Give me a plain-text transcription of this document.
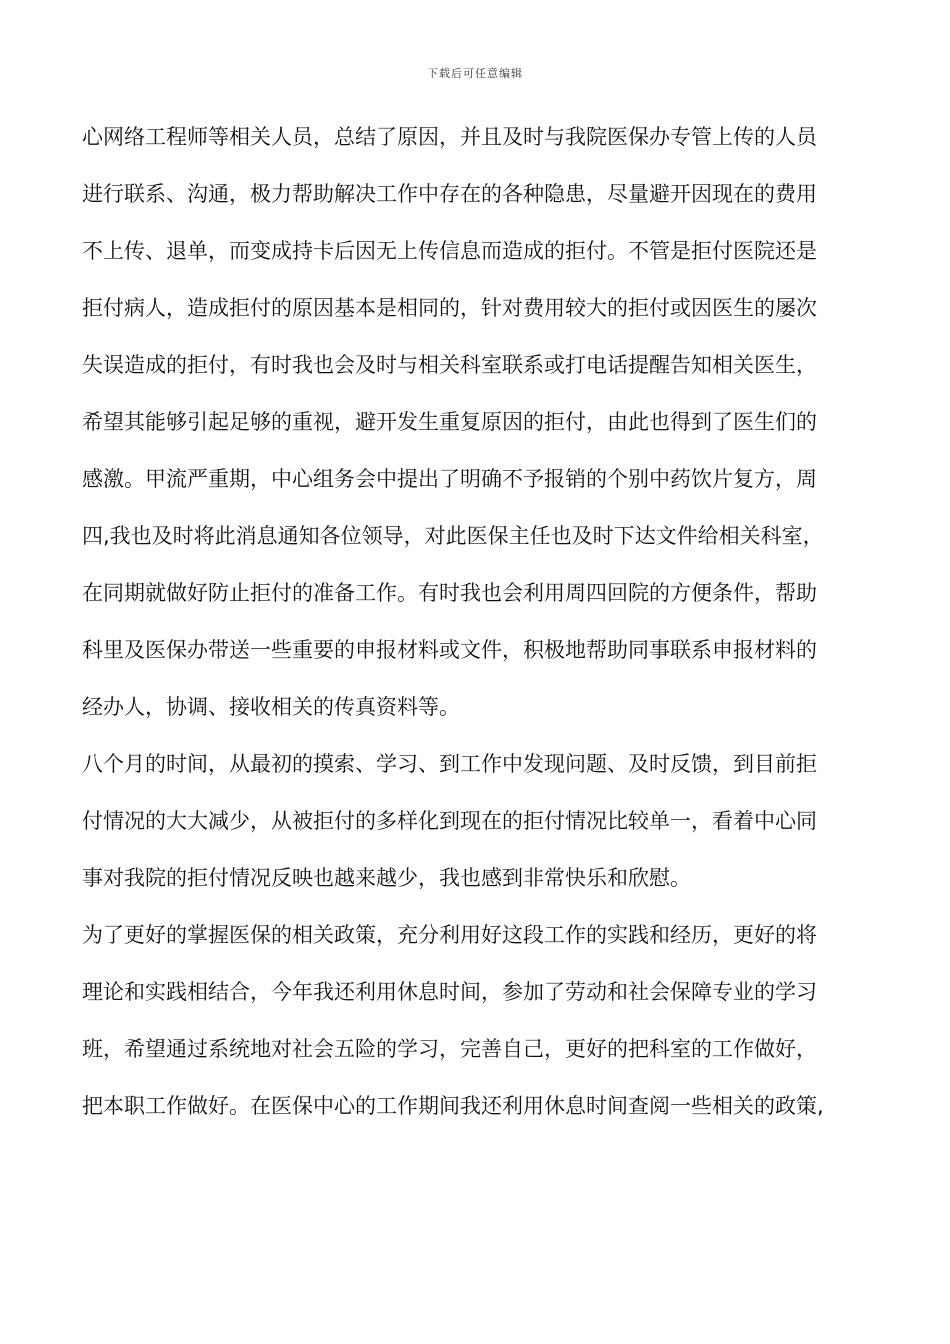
下载后可任意编辑
心网络工程师等相关人员，总结了原因，并且及时与我院医保办专管上传的人员
进行联系、沟通，极力帮助解决工作中存在的各种隐患，尽量避开因现在的费用
不上传、退单，而变成持卡后因无上传信息而造成的拒付。不管是拒付医院还是
拒付病人，造成拒付的原因基本是相同的，针对费用较大的拒付或因医生的屡次
失误造成的拒付，有时我也会及时与相关科室联系或打电话提醒告知相关医生，
希望其能够引起足够的重视，避开发生重复原因的拒付，由此也得到了医生们的
感激。甲流严重期，中心组务会中提出了明确不予报销的个别中药饮片复方，周
四,我也及时将此消息通知各位领导，对此医保主任也及时下达文件给相关科室，
在同期就做好防止拒付的准备工作。有时我也会利用周四回院的方便条件，帮助
科里及医保办带送一些重要的申报材料或文件，积极地帮助同事联系申报材料的
经办人，协调、接收相关的传真资料等。
八个月的时间，从最初的摸索、学习、到工作中发现问题、及时反馈，到目前拒
付情况的大大减少，从被拒付的多样化到现在的拒付情况比较单一，看着中心同
事对我院的拒付情况反映也越来越少，我也感到非常快乐和欣慰。
为了更好的掌握医保的相关政策，充分利用好这段工作的实践和经历，更好的将
理论和实践相结合，今年我还利用休息时间，参加了劳动和社会保障专业的学习
班，希望通过系统地对社会五险的学习，完善自己，更好的把科室的工作做好，
把本职工作做好。在医保中心的工作期间我还利用休息时间查阅一些相关的政策,
